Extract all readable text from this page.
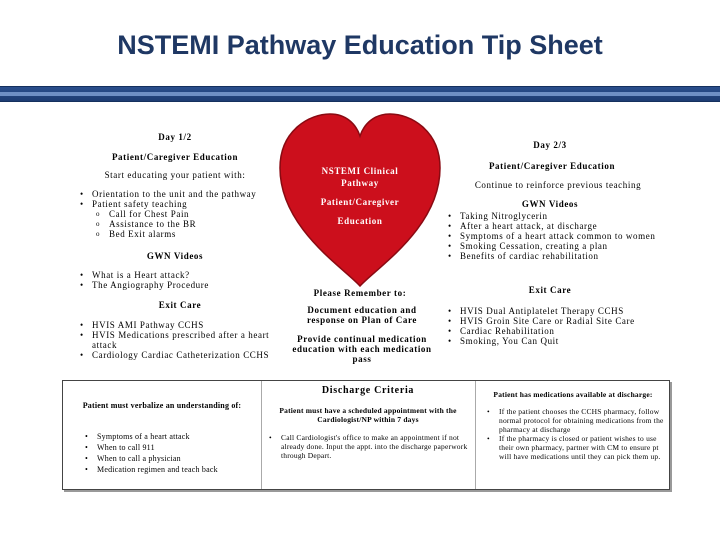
NSTEMI Pathway Education Tip Sheet
NSTEMI Clinical
Pathway
Patient/Caregiver
Education
Day 1/2
Patient/Caregiver Education
Start educating your patient with:
• Orientation to the unit and the pathway
• Patient safety teaching
o Call for Chest Pain
o Assistance to the BR
o Bed Exit alarms
GWN Videos
• What is a Heart attack?
• The Angiography Procedure
Exit Care
• HVIS AMI Pathway CCHS
• HVIS Medications prescribed after a heart attack
• Cardiology Cardiac Catheterization CCHS
Please Remember to:
Document education and response on Plan of Care
Provide continual medication education with each medication pass
Day 2/3
Patient/Caregiver Education
Continue to reinforce previous teaching
GWN Videos
• Taking Nitroglycerin
• After a heart attack, at discharge
• Symptoms of a heart attack common to women
• Smoking Cessation, creating a plan
• Benefits of cardiac rehabilitation
Exit Care
• HVIS Dual Antiplatelet Therapy CCHS
• HVIS Groin Site Care or Radial Site Care
• Cardiac Rehabilitation
• Smoking, You Can Quit
Discharge Criteria
Patient must verbalize an understanding of:
• Symptoms of a heart attack
• When to call 911
• When to call a physician
• Medication regimen and teach back
Patient must have a scheduled appointment with the Cardiologist/NP within 7 days
• Call Cardiologist's office to make an appointment if not already done. Input the appt. into the discharge paperwork through Depart.
Patient has medications available at discharge:
• If the patient chooses the CCHS pharmacy, follow normal protocol for obtaining medications from the pharmacy at discharge
• If the pharmacy is closed or patient wishes to use their own pharmacy, partner with CM to ensure pt will have medications until they can pick them up.
